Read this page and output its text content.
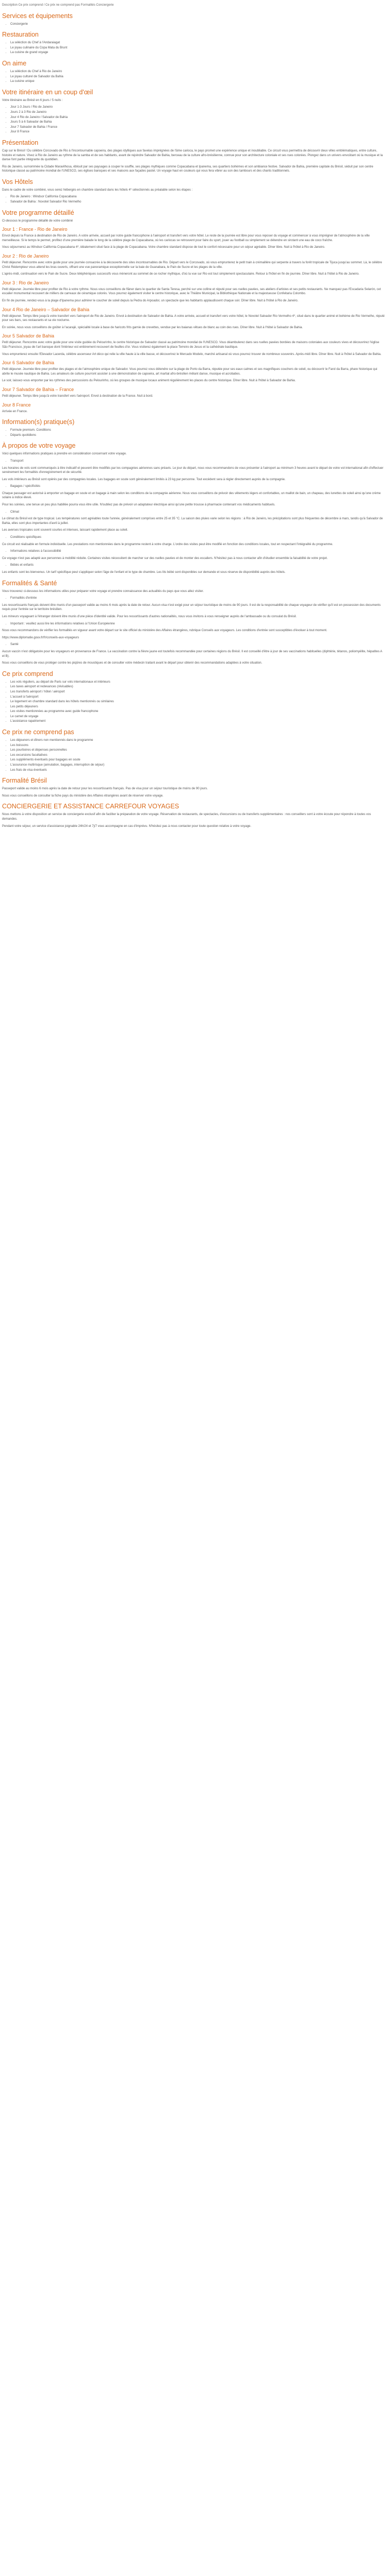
Description Ce prix comprend / Ce prix ne comprend pas Formalités Conciergerie

Services et équipements
• Conciergerie
Restauration
• La séléction du Chef à l'Andaraiagat
• Le joyau culinaire du Copa Mata du Brunt
• La cuisine de grand voyage
On aime
• La séléction du Chef à Rio de Janeiro
• Le joyau culturel de Salvador da Bahia
• La cuisine unique
Votre itinéraire en un coup d'œil

Votre itinéraire au Brésil en 6 jours / 5 nuits :

• Jour 1-3 Jours / Rio de Janeiro
• Jours 2 à 3 Rio de Janeiro
• Jour 4 Rio de Janeiro / Salvador de Bahia
• Jours 5 à 6 Salvador de Bahia
• Jour 7 Salvador de Bahia / France
• Jour 8 France
Présentation

Cap sur le Brésil ! Du célèbre Corcovado de Rio à l'incontournable capoeira, des plages idylliques aux favelas imprégnées de l'âme carioca, le pays promet une expérience unique et inoubliable. Ce circuit vous permettra de découvrir deux villes emblématiques, entre culture, histoire et nature. Vivez à Rio de Janeiro au rythme de la samba et de ses habitants, avant de rejoindre Salvador de Bahia, berceau de la culture afro-brésilienne, connue pour son architecture coloniale et ses rues colorées. Plongez dans un univers envoûtant où la musique et la danse font partie intégrante du quotidien.

Rio de Janeiro, surnommée la Cidade Maravilhosa, éblouit par ses paysages à couper le souffle, ses plages mythiques comme Copacabana et Ipanema, ses quartiers bohèmes et son ambiance festive. Salvador de Bahia, première capitale du Brésil, séduit par son centre historique classé au patrimoine mondial de l'UNESCO, ses églises baroques et ses maisons aux façades pastel. Un voyage haut en couleurs qui vous fera vibrer au son des tambours et des chants traditionnels.

Vos Hôtels

Dans le cadre de votre combiné, vous serez hébergés en chambre standard dans les hôtels 4* sélectionnés au préalable selon les étapes :

• Rio de Janeiro : Windsor California Copacabana
• Salvador de Bahia : Novotel Salvador Rio Vermelho
Votre programme détaillé

Ci-dessous le programme détaillé de votre combiné

Jour 1 : France - Rio de Janeiro

Envol depuis la France à destination de Rio de Janeiro. A votre arrivée, accueil par notre guide francophone à l'aéroport et transfert vers votre hôtel. Le reste de la journée est libre pour vous reposer du voyage et commencer à vous imprégner de l'atmosphère de la ville merveilleuse. Si le temps le permet, profitez d'une première balade le long de la célèbre plage de Copacabana, où les cariocas se retrouvent pour faire du sport, jouer au football ou simplement se détendre en sirotant une eau de coco fraîche.

Vous séjournerez au Windsor California Copacabana 4*, idéalement situé face à la plage de Copacabana. Votre chambre standard dispose de tout le confort nécessaire pour un séjour agréable. Dîner libre. Nuit à l'hôtel à Rio de Janeiro.

Jour 2 : Rio de Janeiro

Petit déjeuner. Rencontre avec votre guide pour une journée consacrée à la découverte des sites incontournables de Rio. Départ vers le Corcovado, où vous emprunterez le petit train à crémaillère qui serpente à travers la forêt tropicale de Tijuca jusqu'au sommet. Là, le célèbre Christ Rédempteur vous attend les bras ouverts, offrant une vue panoramique exceptionnelle sur la baie de Guanabara, le Pain de Sucre et les plages de la ville.

L'après-midi, continuation vers le Pain de Sucre. Deux téléphériques successifs vous mèneront au sommet de ce rocher mythique, d'où la vue sur Rio est tout simplement spectaculaire. Retour à l'hôtel en fin de journée. Dîner libre. Nuit à l'hôtel à Rio de Janeiro.

Jour 3 : Rio de Janeiro

Petit déjeuner. Journée libre pour profiter de Rio à votre rythme. Nous vous conseillons de flâner dans le quartier de Santa Teresa, perché sur une colline et réputé pour ses ruelles pavées, ses ateliers d'artistes et ses petits restaurants. Ne manquez pas l'Escadaria Selarón, cet escalier monumental recouvert de milliers de carreaux de céramique colorés. Vous pourrez également visiter le centre historique, avec le Théâtre Municipal, la Bibliothèque Nationale et la majestueuse Confeitaria Colombo.

En fin de journée, rendez-vous à la plage d'Ipanema pour admirer le coucher de soleil depuis la Pedra do Arpoador, un spectacle que les habitants applaudissent chaque soir. Dîner libre. Nuit à l'hôtel à Rio de Janeiro.

Jour 4 Rio de Janeiro – Salvador de Bahia

Petit déjeuner. Temps libre jusqu'à votre transfert vers l'aéroport de Rio de Janeiro. Envol à destination de Salvador de Bahia. A votre arrivée, accueil et transfert vers votre hôtel, le Novotel Salvador Rio Vermelho 4*, situé dans le quartier animé et bohème de Rio Vermelho, réputé pour ses bars, ses restaurants et sa vie nocturne.

En soirée, nous vous conseillons de goûter à l'acarajé, spécialité locale à base de haricots frits garnie de crevettes, vendue par les baianas vêtues de blanc au coin des rues. Dîner libre. Nuit à l'hôtel à Salvador de Bahia.

Jour 5 Salvador de Bahia

Petit déjeuner. Rencontre avec votre guide pour une visite guidée du Pelourinho, le centre historique de Salvador classé au patrimoine mondial de l'UNESCO. Vous déambulerez dans ses ruelles pavées bordées de maisons coloniales aux couleurs vives et découvrirez l'église São Francisco, joyau de l'art baroque dont l'intérieur est entièrement recouvert de feuilles d'or. Vous visiterez également la place Terreiro de Jesus et la cathédrale basilique.

Vous emprunterez ensuite l'Elevador Lacerda, célèbre ascenseur Art déco qui relie la ville haute à la ville basse, et découvrirez le Mercado Modelo, marché artisanal où vous pourrez trouver de nombreux souvenirs. Après-midi libre. Dîner libre. Nuit à l'hôtel à Salvador de Bahia.

Jour 6 Salvador de Bahia

Petit déjeuner. Journée libre pour profiter des plages et de l'atmosphère unique de Salvador. Vous pourrez vous détendre sur la plage de Porto da Barra, réputée pour ses eaux calmes et ses magnifiques couchers de soleil, ou découvrir le Farol da Barra, phare historique qui abrite le musée nautique de Bahia. Les amateurs de culture pourront assister à une démonstration de capoeira, art martial afro-brésilien mêlant danse, musique et acrobaties.

Le soir, laissez-vous emporter par les rythmes des percussions du Pelourinho, où les groupes de musique locaux animent régulièrement les places du centre historique. Dîner libre. Nuit à l'hôtel à Salvador de Bahia.

Jour 7 Salvador de Bahia – France

Petit déjeuner. Temps libre jusqu'à votre transfert vers l'aéroport. Envol à destination de la France. Nuit à bord.

Jour 8 France

Arrivée en France.

Information(s) pratique(s)
• Formule premium. Conditions
• Départs quotidiens
À propos de votre voyage

Voici quelques informations pratiques à prendre en considération concernant votre voyage.

• Transport

Les horaires de vols sont communiqués à titre indicatif et peuvent être modifiés par les compagnies aériennes sans préavis. Le jour du départ, nous vous recommandons de vous présenter à l'aéroport au minimum 3 heures avant le départ de votre vol international afin d'effectuer sereinement les formalités d'enregistrement et de sécurité.

Les vols intérieurs au Brésil sont opérés par des compagnies locales. Les bagages en soute sont généralement limités à 23 kg par personne. Tout excédent sera à régler directement auprès de la compagnie.

• Bagages / spécificités

Chaque passager est autorisé à emporter un bagage en soute et un bagage à main selon les conditions de la compagnie aérienne. Nous vous conseillons de prévoir des vêtements légers et confortables, un maillot de bain, un chapeau, des lunettes de soleil ainsi qu'une crème solaire à indice élevé.

Pour les soirées, une tenue un peu plus habillée pourra vous être utile. N'oubliez pas de prévoir un adaptateur électrique ainsi qu'une petite trousse à pharmacie contenant vos médicaments habituels.

• Climat

Le climat du Brésil est de type tropical. Les températures sont agréables toute l'année, généralement comprises entre 25 et 35 °C. La saison des pluies varie selon les régions : à Rio de Janeiro, les précipitations sont plus fréquentes de décembre à mars, tandis qu'à Salvador de Bahia, elles sont plus importantes d'avril à juillet.

Les averses tropicales sont souvent courtes et intenses, laissant rapidement place au soleil.

• Conditions spécifiques

Ce circuit est réalisable en formule individuelle. Les prestations non mentionnées dans le programme restent à votre charge. L'ordre des visites peut être modifié en fonction des conditions locales, tout en respectant l'intégralité du programme.

• Informations relatives à l'accessibilité

Ce voyage n'est pas adapté aux personnes à mobilité réduite. Certaines visites nécessitent de marcher sur des ruelles pavées et de monter des escaliers. N'hésitez pas à nous contacter afin d'étudier ensemble la faisabilité de votre projet.

• Bébés et enfants

Les enfants sont les bienvenus. Un tarif spécifique peut s'appliquer selon l'âge de l'enfant et le type de chambre. Les lits bébé sont disponibles sur demande et sous réserve de disponibilité auprès des hôtels.

Formalités & Santé

Vous trouverez ci-dessous les informations utiles pour préparer votre voyage et prendre connaissance des actualités du pays que vous allez visiter.

• Formalités d'entrée

Les ressortissants français doivent être munis d'un passeport valide au moins 6 mois après la date de retour. Aucun visa n'est exigé pour un séjour touristique de moins de 90 jours. Il est de la responsabilité de chaque voyageur de vérifier qu'il est en possession des documents requis pour l'entrée sur le territoire brésilien.

Les mineurs voyageant à l'étranger doivent être munis d'une pièce d'identité valide. Pour les ressortissants d'autres nationalités, nous vous invitons à vous renseigner auprès de l'ambassade ou du consulat du Brésil.

• Important : veuillez aussi lire les informations relatives à l'Union Européenne

Nous vous recommandons de vérifier les formalités en vigueur avant votre départ sur le site officiel du ministère des Affaires étrangères, rubrique Conseils aux voyageurs. Les conditions d'entrée sont susceptibles d'évoluer à tout moment.

https://www.diplomatie.gouv.fr/fr/conseils-aux-voyageurs

• Santé

Aucun vaccin n'est obligatoire pour les voyageurs en provenance de France. La vaccination contre la fièvre jaune est toutefois recommandée pour certaines régions du Brésil. Il est conseillé d'être à jour de ses vaccinations habituelles (diphtérie, tétanos, poliomyélite, hépatites A et B).

Nous vous conseillons de vous protéger contre les piqûres de moustiques et de consulter votre médecin traitant avant le départ pour obtenir des recommandations adaptées à votre situation.

Ce prix comprend
• Les vols réguliers, au départ de Paris sur vols internationaux et intérieurs
• Les taxes aéroport et redevances (révisables)
• Les transferts aéroport / hôtel / aéroport
• L'accueil à l'aéroport
• Le logement en chambre standard dans les hôtels mentionnés ou similaires
• Les petits déjeuners
• Les visites mentionnées au programme avec guide francophone
• Le carnet de voyage
• L'assistance rapatriement
Ce prix ne comprend pas
• Les déjeuners et dîners non mentionnés dans le programme
• Les boissons
• Les pourboires et dépenses personnelles
• Les excursions facultatives
• Les suppléments éventuels pour bagages en soute
• L'assurance multirisque (annulation, bagages, interruption de séjour)
• Les frais de visa éventuels
Formalité Brésil

Passeport valide au moins 6 mois après la date de retour pour les ressortissants français. Pas de visa pour un séjour touristique de moins de 90 jours.

Nous vous conseillons de consulter la fiche pays du ministère des Affaires étrangères avant de réserver votre voyage.

CONCIERGERIE ET ASSISTANCE CARREFOUR VOYAGES

Nous mettons à votre disposition un service de conciergerie exclusif afin de faciliter la préparation de votre voyage. Réservation de restaurants, de spectacles, d'excursions ou de transferts supplémentaires : nos conseillers sont à votre écoute pour répondre à toutes vos demandes.

Pendant votre séjour, un service d'assistance joignable 24h/24 et 7j/7 vous accompagne en cas d'imprévu. N'hésitez pas à nous contacter pour toute question relative à votre voyage.
